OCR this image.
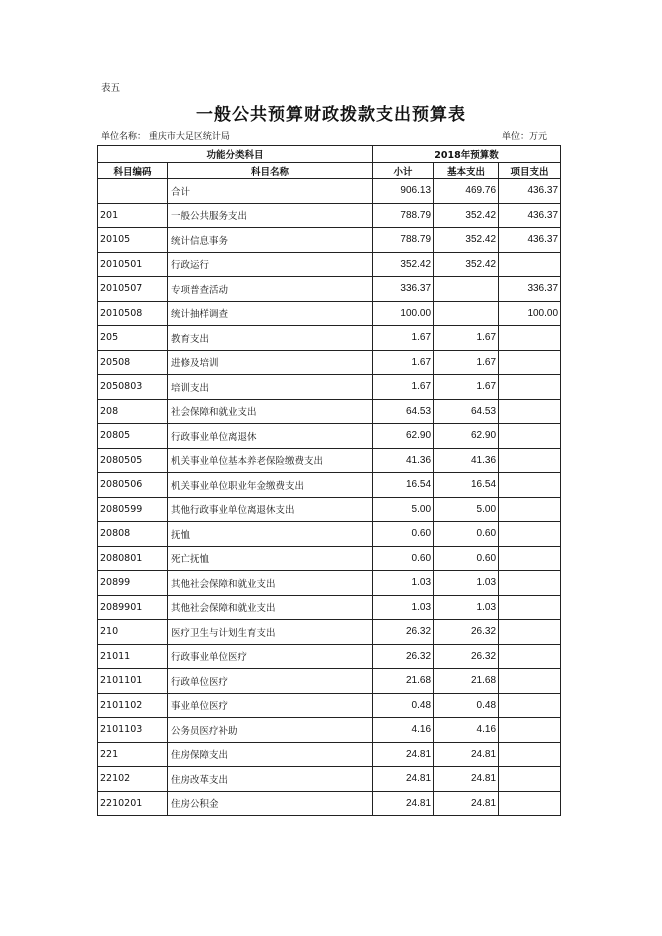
表五
一般公共预算财政拨款支出预算表
单位名称： 重庆市大足区统计局	单位：万元
功能分类科目		2018年预算数		
科目编码	科目名称	小计	基本支出	项目支出
	合计	906.13	469.76	436.37
201	一般公共服务支出	788.79	352.42	436.37
20105	统计信息事务	788.79	352.42	436.37
2010501	行政运行	352.42	352.42	
2010507	专项普查活动	336.37		336.37
2010508	统计抽样调查	100.00		100.00
205	教育支出	1.67	1.67	
20508	进修及培训	1.67	1.67	
2050803	培训支出	1.67	1.67	
208	社会保障和就业支出	64.53	64.53	
20805	行政事业单位离退休	62.90	62.90	
2080505	机关事业单位基本养老保险缴费支出	41.36	41.36	
2080506	机关事业单位职业年金缴费支出	16.54	16.54	
2080599	其他行政事业单位离退休支出	5.00	5.00	
20808	抚恤	0.60	0.60	
2080801	死亡抚恤	0.60	0.60	
20899	其他社会保障和就业支出	1.03	1.03	
2089901	其他社会保障和就业支出	1.03	1.03	
210	医疗卫生与计划生育支出	26.32	26.32	
21011	行政事业单位医疗	26.32	26.32	
2101101	行政单位医疗	21.68	21.68	
2101102	事业单位医疗	0.48	0.48	
2101103	公务员医疗补助	4.16	4.16	
221	住房保障支出	24.81	24.81	
22102	住房改革支出	24.81	24.81	
2210201	住房公积金	24.81	24.81	
